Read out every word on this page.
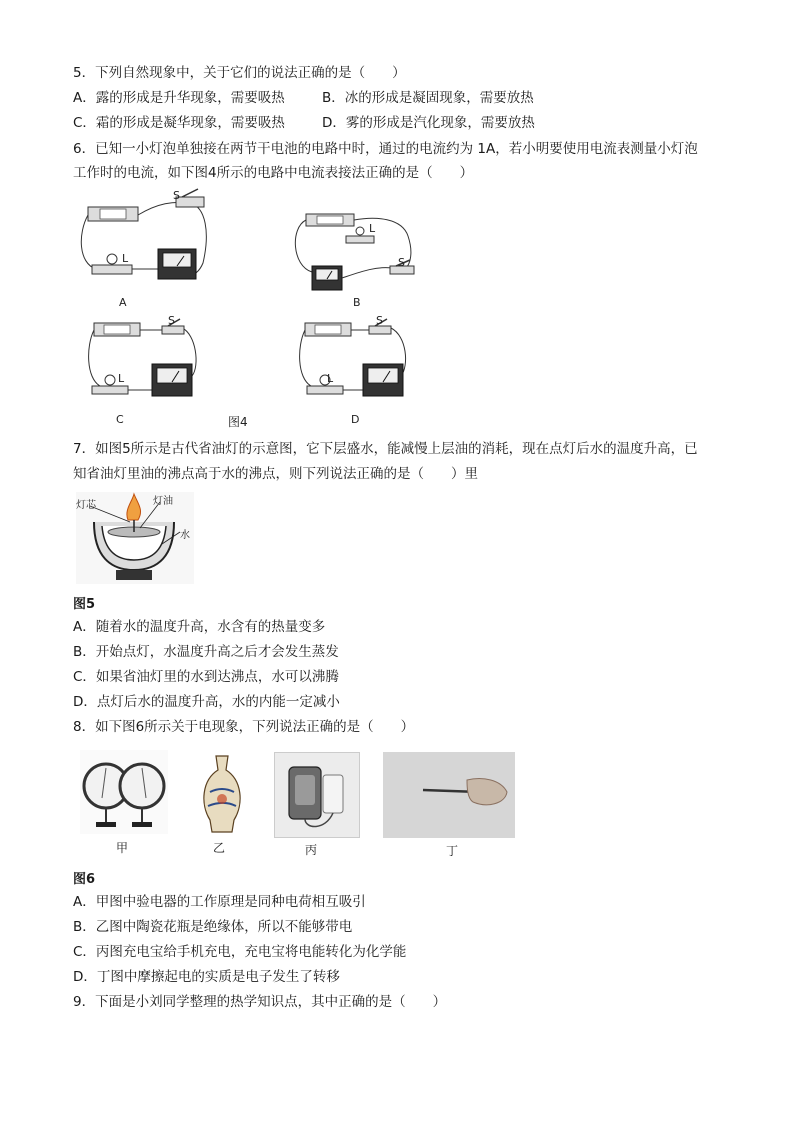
5．下列自然现象中，关于它们的说法正确的是（　　）
A．露的形成是升华现象，需要吸热	B．冰的形成是凝固现象，需要放热
C．霜的形成是凝华现象，需要吸热	D．雾的形成是汽化现象，需要放热
6．已知一小灯泡单独接在两节干电池的电路中时，通过的电流约为 1A，若小明要使用电流表测量小灯泡
工作时的电流，如下图4所示的电路中电流表接法正确的是（　　）
S
L
A
L
S
B
S
L
C	图4
S
L
D
7．如图5所示是古代省油灯的示意图，它下层盛水，能减慢上层油的消耗，现在点灯后水的温度升高，已
知省油灯里油的沸点高于水的沸点，则下列说法正确的是（　　）里
灯芯	灯油
水
图5
A．随着水的温度升高，水含有的热量变多
B．开始点灯，水温度升高之后才会发生蒸发
C．如果省油灯里的水到达沸点，水可以沸腾
D．点灯后水的温度升高，水的内能一定减小
8．如下图6所示关于电现象，下列说法正确的是（　　）
甲	乙	丙	丁
图6
A．甲图中验电器的工作原理是同种电荷相互吸引
B．乙图中陶瓷花瓶是绝缘体，所以不能够带电
C．丙图充电宝给手机充电，充电宝将电能转化为化学能
D．丁图中摩擦起电的实质是电子发生了转移
9．下面是小刘同学整理的热学知识点，其中正确的是（　　）
